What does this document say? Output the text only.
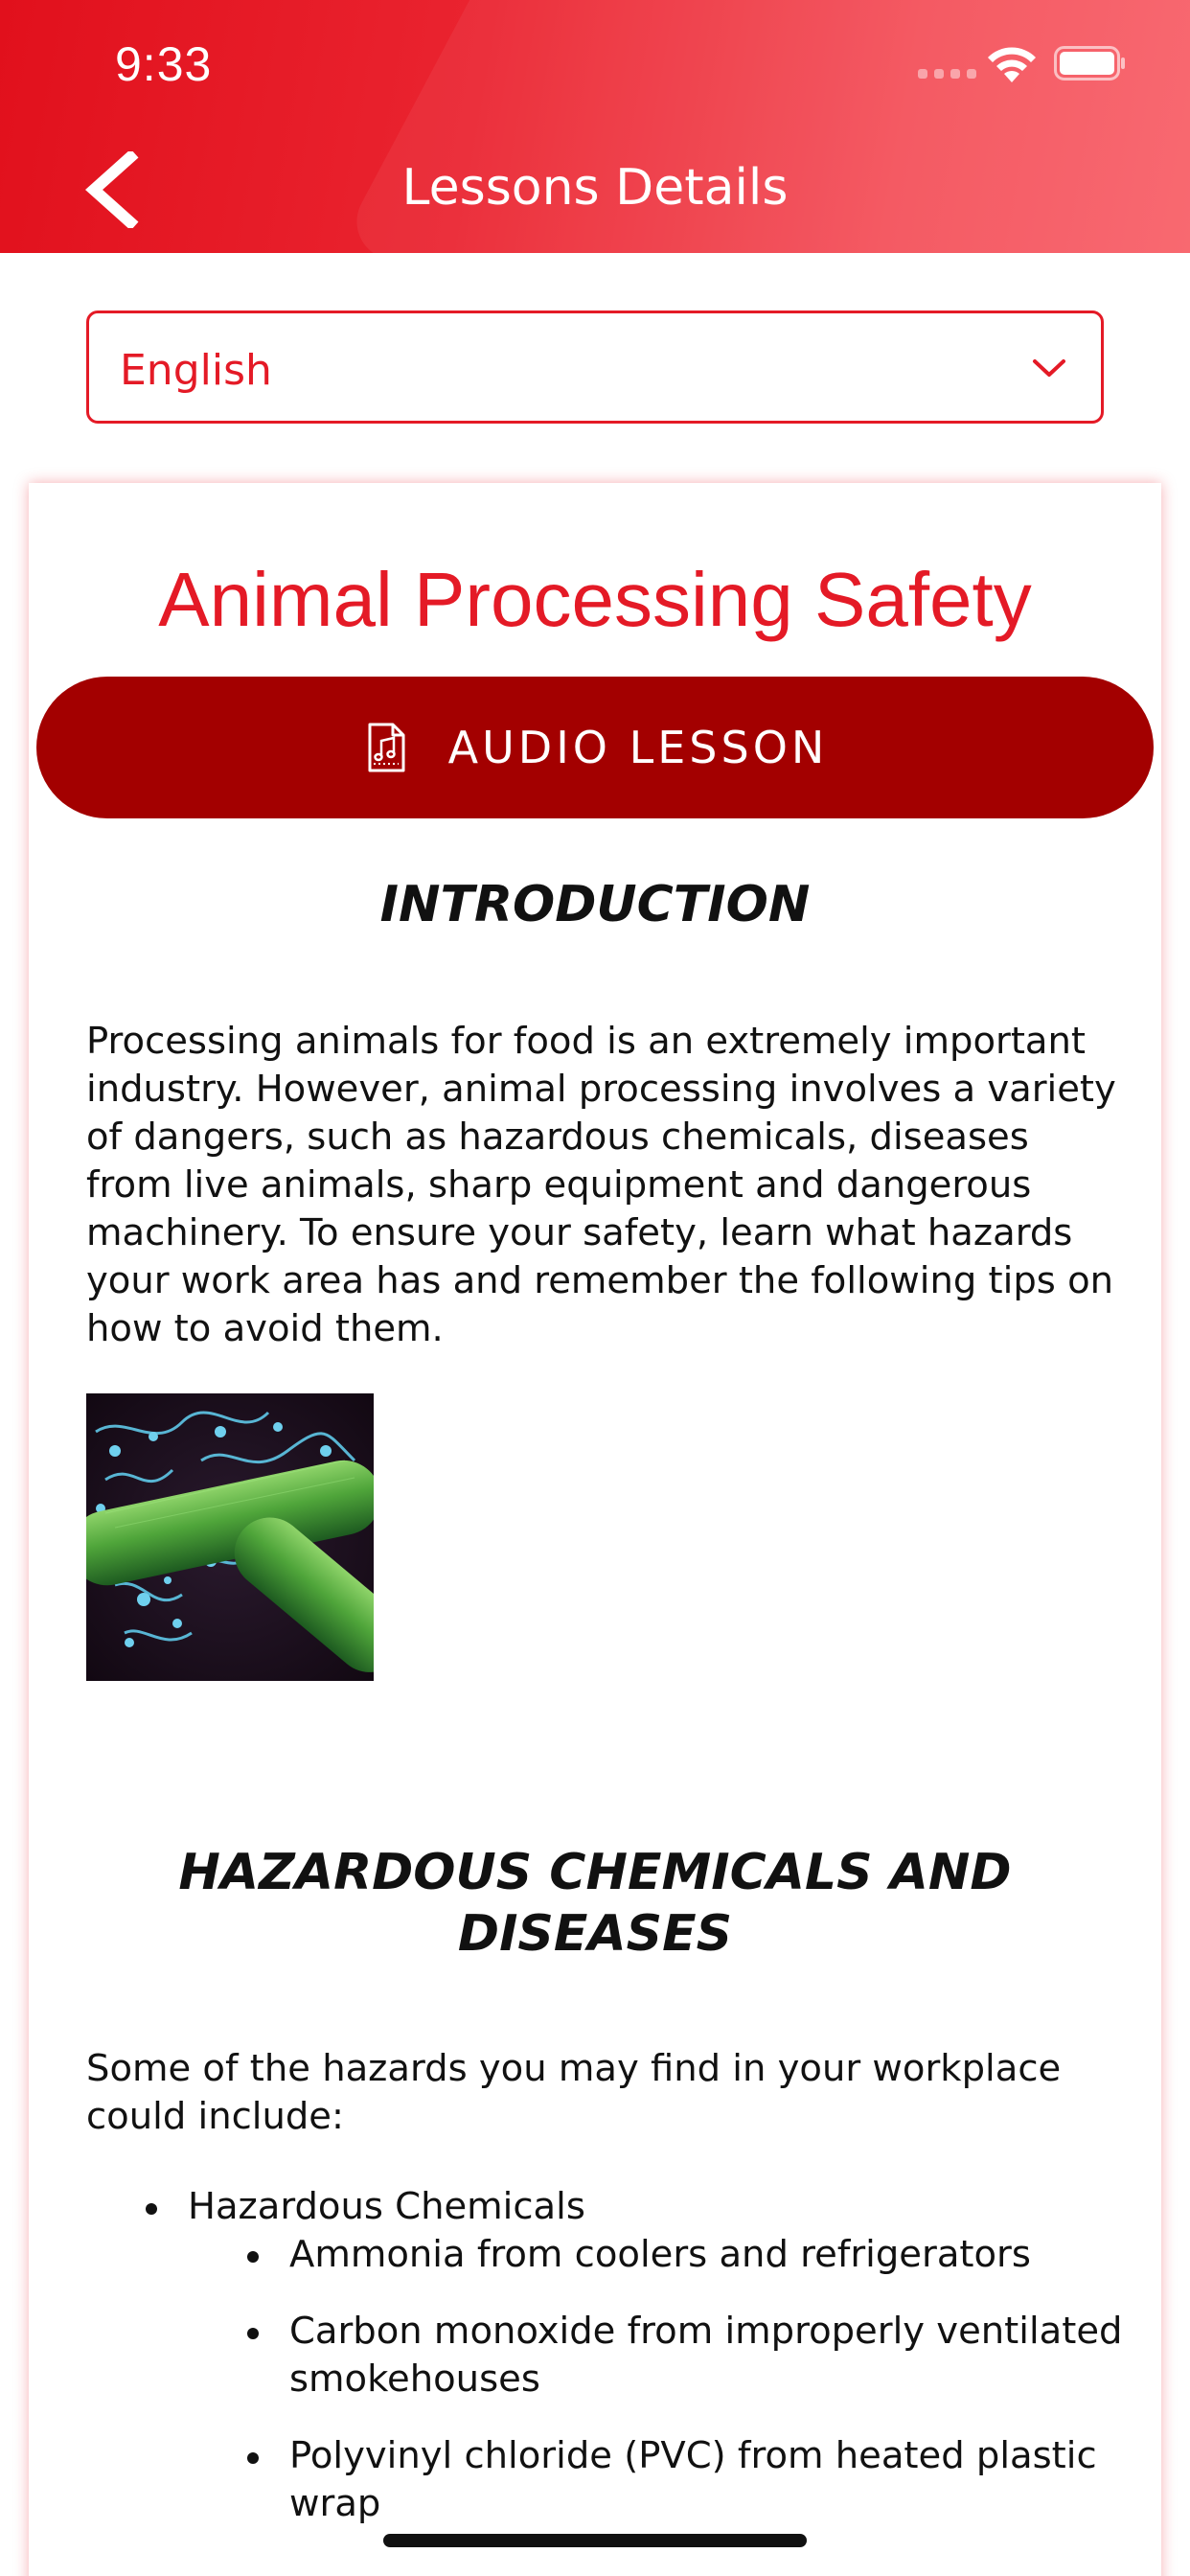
9:33
Lessons Details
English
Animal Processing Safety
AUDIO LESSON
INTRODUCTION
Processing animals for food is an extremely important industry. However, animal processing involves a variety of dangers, such as hazardous chemicals, diseases from live animals, sharp equipment and dangerous machinery. To ensure your safety, learn what hazards your work area has and remember the following tips on how to avoid them.
HAZARDOUS CHEMICALS AND
DISEASES
Some of the hazards you may find in your workplace could include:
Hazardous Chemicals
Ammonia from coolers and refrigerators
Carbon monoxide from improperly ventilated smokehouses
Polyvinyl chloride (PVC) from heated plastic wrap
